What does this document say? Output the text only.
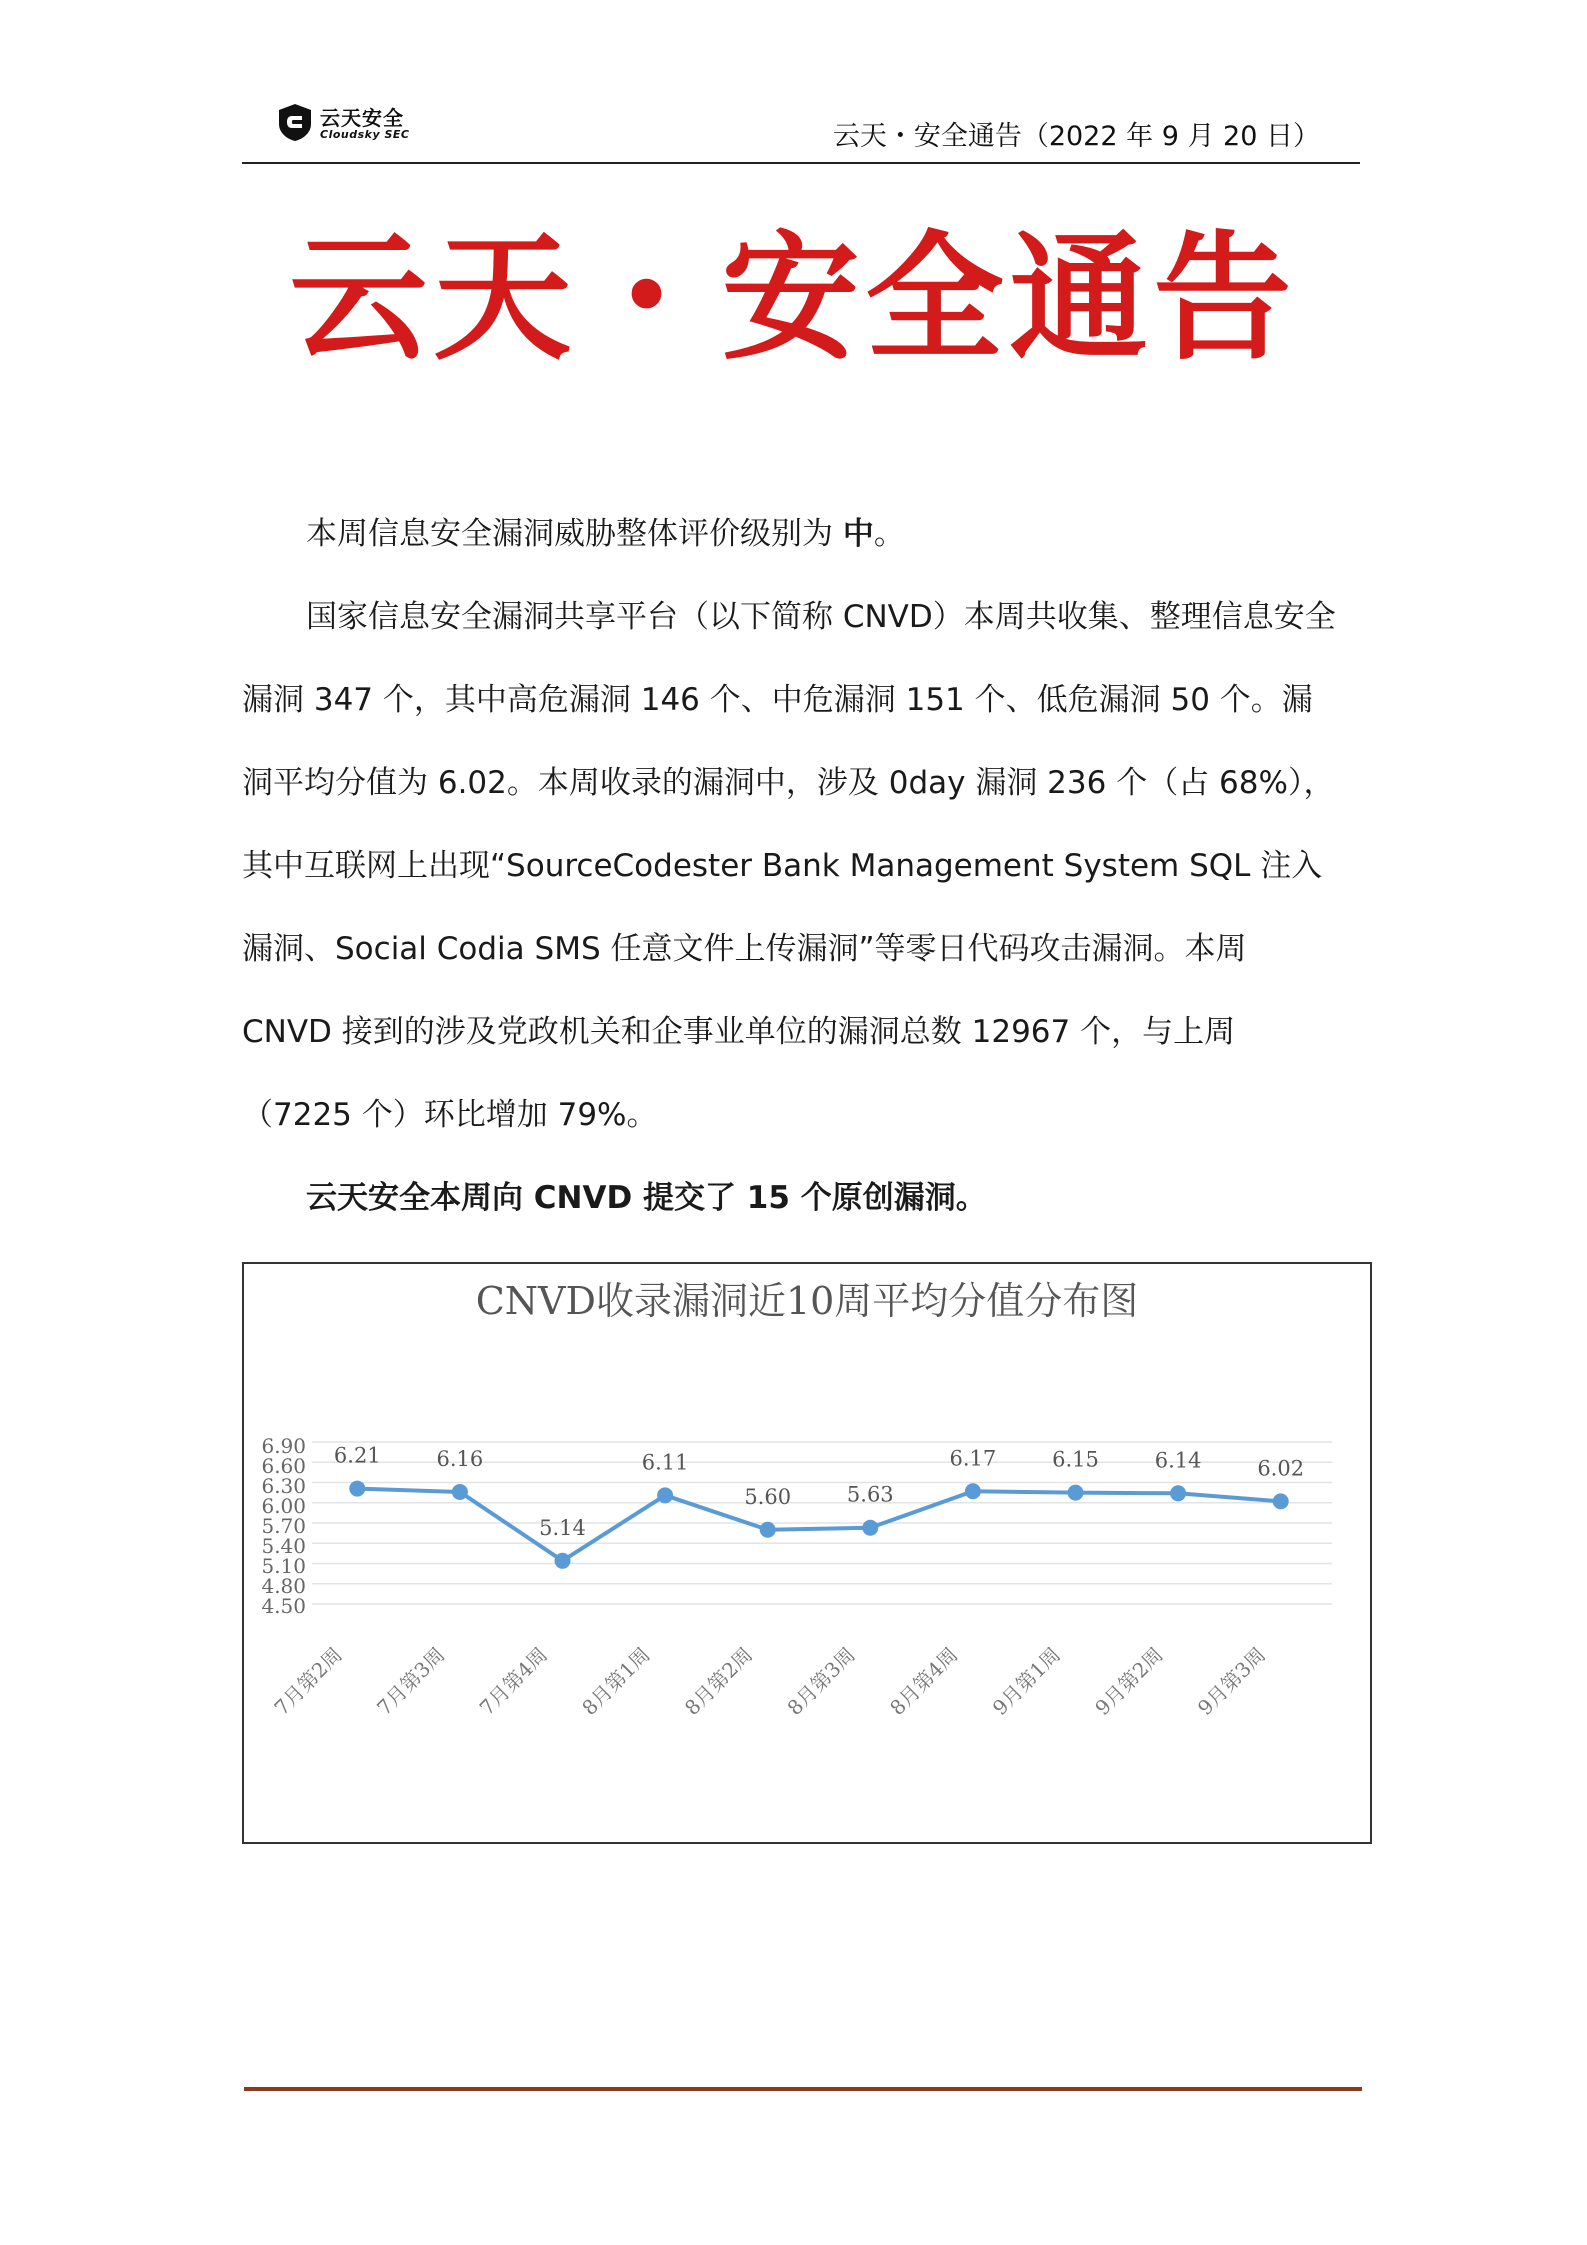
云天安全
Cloudsky SEC	云天・安全通告（2022 年 9 月 20 日）
云天・安全通告

本周信息安全漏洞威胁整体评价级别为 中。

国家信息安全漏洞共享平台（以下简称 CNVD）本周共收集、整理信息安全漏洞 347 个，其中高危漏洞 146 个、中危漏洞 151 个、低危漏洞 50 个。漏洞平均分值为 6.02。本周收录的漏洞中，涉及 0day 漏洞 236 个（占 68%），其中互联网上出现“SourceCodester Bank Management System SQL 注入漏洞、Social Codia SMS 任意文件上传漏洞”等零日代码攻击漏洞。本周 CNVD 接到的涉及党政机关和企事业单位的漏洞总数 12967 个，与上周（7225 个）环比增加 79%。

云天安全本周向 CNVD 提交了 15 个原创漏洞。

CNVD收录漏洞近10周平均分值分布图
6.90
6.60
6.30
6.00
5.70
5.40
5.10
4.80
4.50
6.21
7月第2周
6.16
7月第3周
5.14
7月第4周
6.11
8月第1周
5.60
8月第2周
5.63
8月第3周
6.17
8月第4周
6.15
9月第1周
6.14
9月第2周
6.02
9月第3周
